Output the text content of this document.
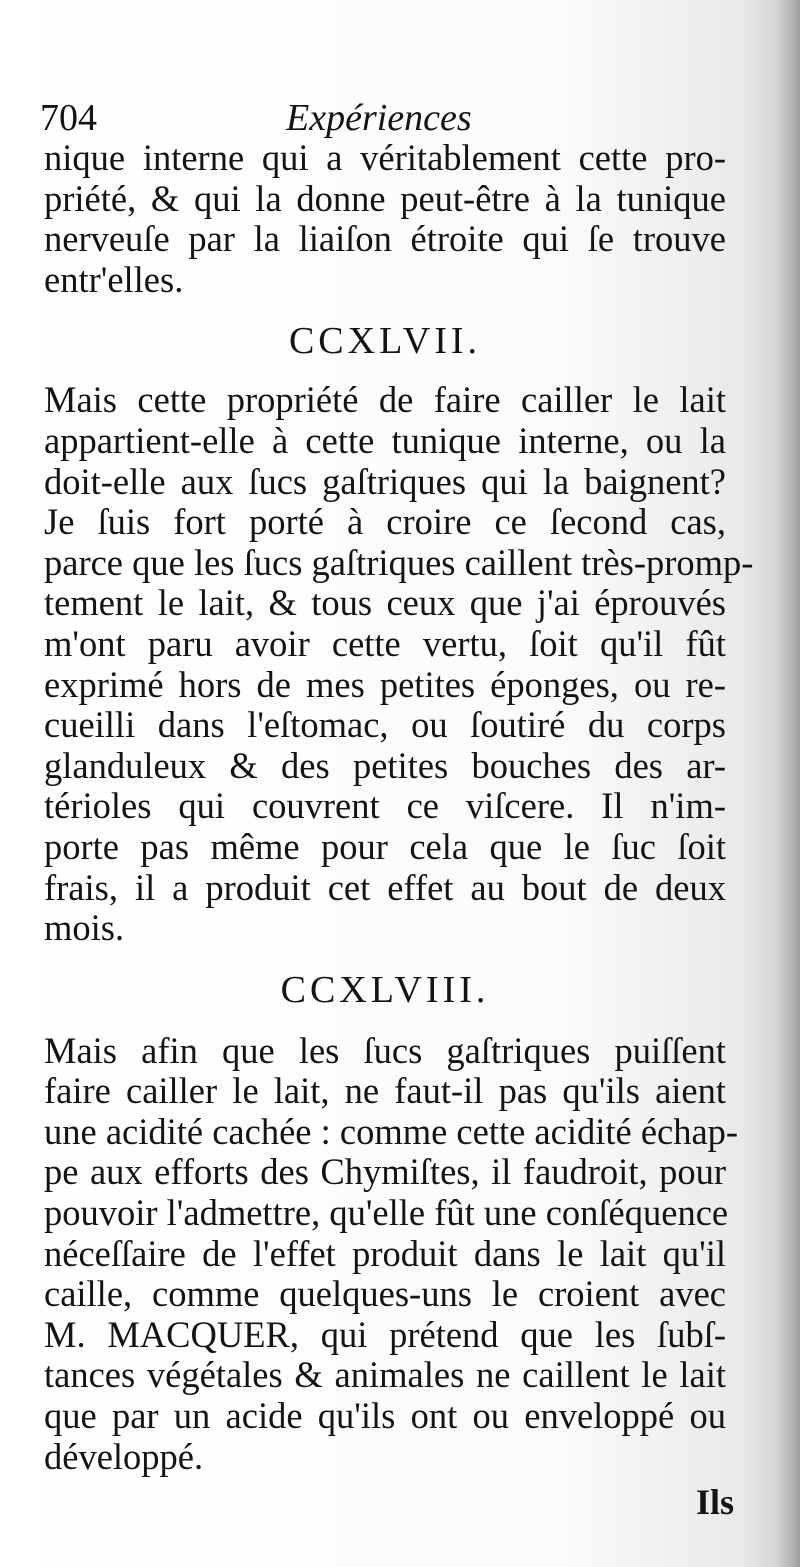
704	Expériences
nique interne qui a véritablement cette pro-
priété, & qui la donne peut-être à la tunique
nerveuſe par la liaiſon étroite qui ſe trouve
entr'elles.
CCXLVII.
Mais cette propriété de faire cailler le lait
appartient-elle à cette tunique interne, ou la
doit-elle aux ſucs gaſtriques qui la baignent?
Je ſuis fort porté à croire ce ſecond cas,
parce que les ſucs gaſtriques caillent très-promp-
tement le lait, & tous ceux que j'ai éprouvés
m'ont paru avoir cette vertu, ſoit qu'il fût
exprimé hors de mes petites éponges, ou re-
cueilli dans l'eſtomac, ou ſoutiré du corps
glanduleux & des petites bouches des ar-
térioles qui couvrent ce viſcere. Il n'im-
porte pas même pour cela que le ſuc ſoit
frais, il a produit cet effet au bout de deux
mois.
CCXLVIII.
Mais afin que les ſucs gaſtriques puiſſent
faire cailler le lait, ne faut-il pas qu'ils aient
une acidité cachée : comme cette acidité échap-
pe aux efforts des Chymiſtes, il faudroit, pour
pouvoir l'admettre, qu'elle fût une conſéquence
néceſſaire de l'effet produit dans le lait qu'il
caille, comme quelques-uns le croient avec
M. MACQUER, qui prétend que les ſubſ-
tances végétales & animales ne caillent le lait
que par un acide qu'ils ont ou enveloppé ou
développé.
Ils
